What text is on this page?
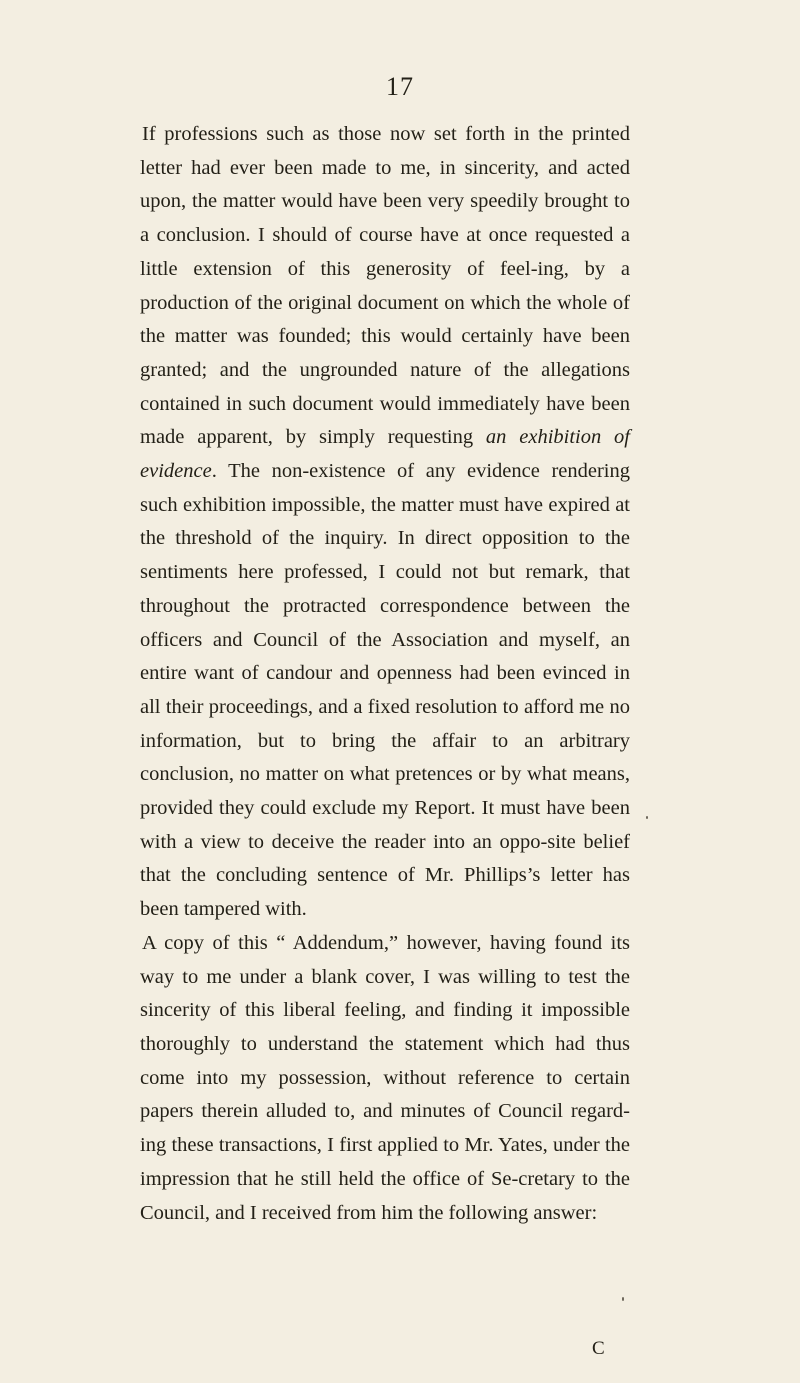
17

If professions such as those now set forth in the printed letter had ever been made to me, in sincerity, and acted upon, the matter would have been very speedily brought to a conclusion. I should of course have at once requested a little extension of this generosity of feel-ing, by a production of the original document on which the whole of the matter was founded; this would certainly have been granted; and the ungrounded nature of the allegations contained in such document would immediately have been made apparent, by simply requesting an exhibition of evidence. The non-existence of any evidence rendering such exhibition impossible, the matter must have expired at the threshold of the inquiry. In direct opposition to the sentiments here professed, I could not but remark, that throughout the protracted correspondence between the officers and Council of the Association and myself, an entire want of candour and openness had been evinced in all their proceedings, and a fixed resolution to afford me no information, but to bring the affair to an arbitrary conclusion, no matter on what pretences or by what means, provided they could exclude my Report. It must have been with a view to deceive the reader into an oppo-site belief that the concluding sentence of Mr. Phillips’s letter has been tampered with.

A copy of this “ Addendum,” however, having found its way to me under a blank cover, I was willing to test the sincerity of this liberal feeling, and finding it impossible thoroughly to understand the statement which had thus come into my possession, without reference to certain papers therein alluded to, and minutes of Council regard-ing these transactions, I first applied to Mr. Yates, under the impression that he still held the office of Se-cretary to the Council, and I received from him the following answer:

C
